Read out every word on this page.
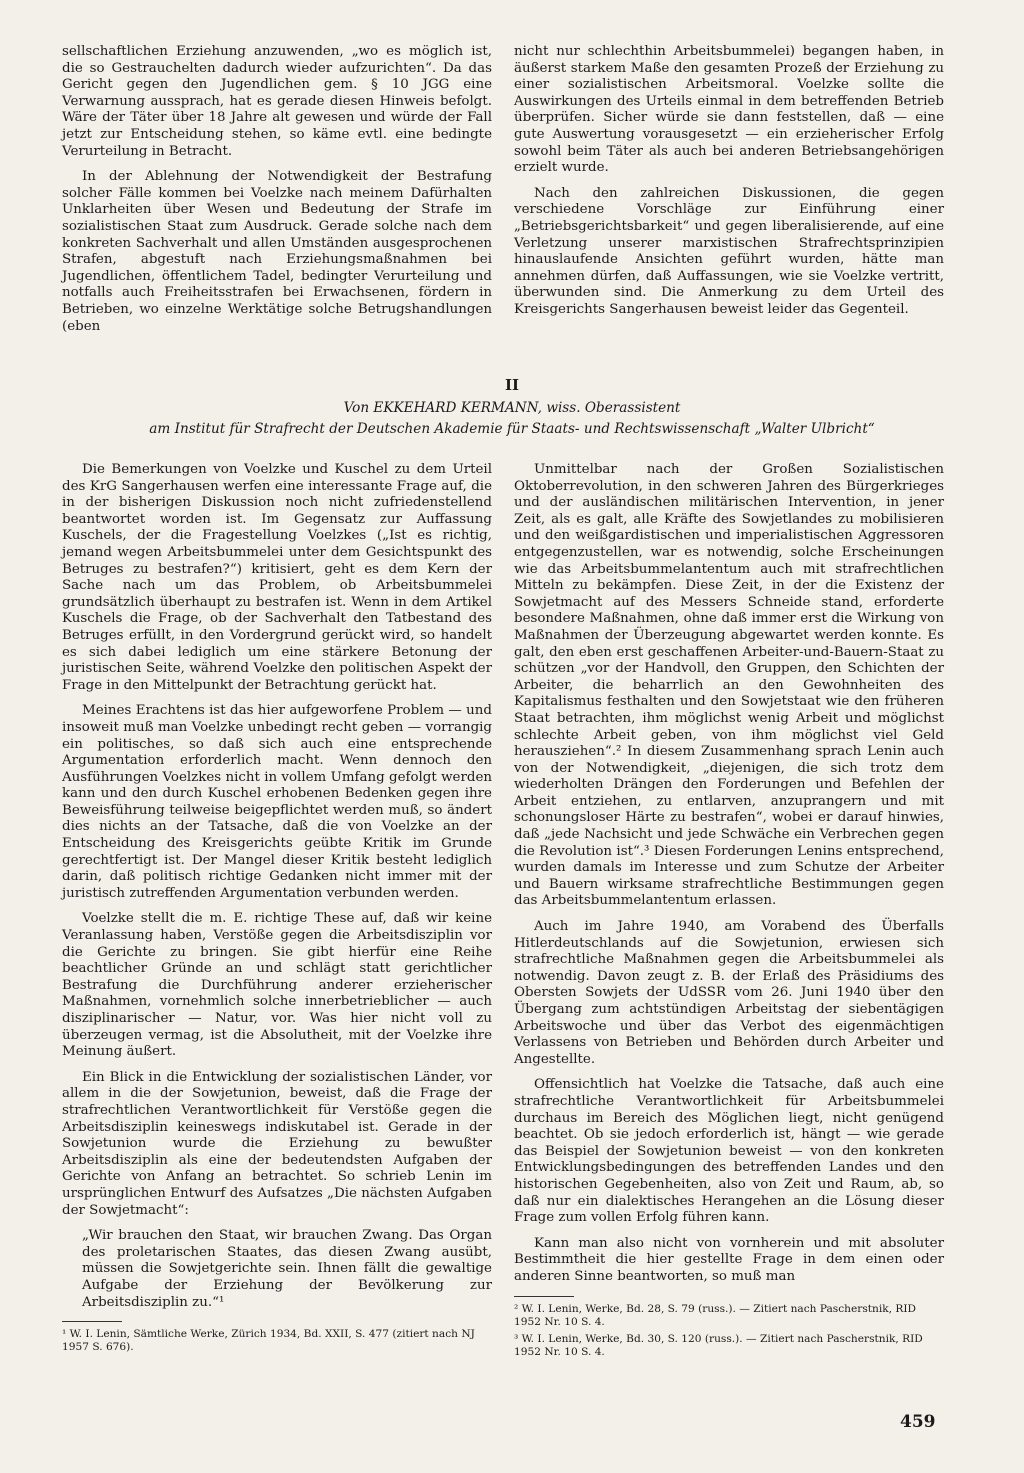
sellschaftlichen Erziehung anzuwenden, „wo es möglich ist, die so Gestrauchelten dadurch wieder aufzurichten“. Da das Gericht gegen den Jugendlichen gem. § 10 JGG eine Verwarnung aussprach, hat es gerade diesen Hinweis befolgt. Wäre der Täter über 18 Jahre alt gewesen und würde der Fall jetzt zur Entscheidung stehen, so käme evtl. eine bedingte Verurteilung in Betracht.

In der Ablehnung der Notwendigkeit der Bestrafung solcher Fälle kommen bei Voelzke nach meinem Dafürhalten Unklarheiten über Wesen und Bedeutung der Strafe im sozialistischen Staat zum Ausdruck. Gerade solche nach dem konkreten Sachverhalt und allen Umständen ausgesprochenen Strafen, abgestuft nach Erziehungsmaßnahmen bei Jugendlichen, öffentlichem Tadel, bedingter Verurteilung und notfalls auch Freiheitsstrafen bei Erwachsenen, fördern in Betrieben, wo einzelne Werktätige solche Betrugshandlungen (eben

nicht nur schlechthin Arbeitsbummelei) begangen haben, in äußerst starkem Maße den gesamten Prozeß der Erziehung zu einer sozialistischen Arbeitsmoral. Voelzke sollte die Auswirkungen des Urteils einmal in dem betreffenden Betrieb überprüfen. Sicher würde sie dann feststellen, daß — eine gute Auswertung vorausgesetzt — ein erzieherischer Erfolg sowohl beim Täter als auch bei anderen Betriebsangehörigen erzielt wurde.

Nach den zahlreichen Diskussionen, die gegen verschiedene Vorschläge zur Einführung einer „Betriebsgerichtsbarkeit“ und gegen liberalisierende, auf eine Verletzung unserer marxistischen Strafrechtsprinzipien hinauslaufende Ansichten geführt wurden, hätte man annehmen dürfen, daß Auffassungen, wie sie Voelzke vertritt, überwunden sind. Die Anmerkung zu dem Urteil des Kreisgerichts Sangerhausen beweist leider das Gegenteil.

II
Von EKKEHARD KERMANN, wiss. Oberassistent
am Institut für Strafrecht der Deutschen Akademie für Staats- und Rechtswissenschaft „Walter Ulbricht“

Die Bemerkungen von Voelzke und Kuschel zu dem Urteil des KrG Sangerhausen werfen eine interessante Frage auf, die in der bisherigen Diskussion noch nicht zufriedenstellend beantwortet worden ist. Im Gegensatz zur Auffassung Kuschels, der die Fragestellung Voelzkes („Ist es richtig, jemand wegen Arbeitsbummelei unter dem Gesichtspunkt des Betruges zu bestrafen?“) kritisiert, geht es dem Kern der Sache nach um das Problem, ob Arbeitsbummelei grundsätzlich überhaupt zu bestrafen ist. Wenn in dem Artikel Kuschels die Frage, ob der Sachverhalt den Tatbestand des Betruges erfüllt, in den Vordergrund gerückt wird, so handelt es sich dabei lediglich um eine stärkere Betonung der juristischen Seite, während Voelzke den politischen Aspekt der Frage in den Mittelpunkt der Betrachtung gerückt hat.

Meines Erachtens ist das hier aufgeworfene Problem — und insoweit muß man Voelzke unbedingt recht geben — vorrangig ein politisches, so daß sich auch eine entsprechende Argumentation erforderlich macht. Wenn dennoch den Ausführungen Voelzkes nicht in vollem Umfang gefolgt werden kann und den durch Kuschel erhobenen Bedenken gegen ihre Beweisführung teilweise beigepflichtet werden muß, so ändert dies nichts an der Tatsache, daß die von Voelzke an der Entscheidung des Kreisgerichts geübte Kritik im Grunde gerechtfertigt ist. Der Mangel dieser Kritik besteht lediglich darin, daß politisch richtige Gedanken nicht immer mit der juristisch zutreffenden Argumentation verbunden werden.

Voelzke stellt die m. E. richtige These auf, daß wir keine Veranlassung haben, Verstöße gegen die Arbeitsdisziplin vor die Gerichte zu bringen. Sie gibt hierfür eine Reihe beachtlicher Gründe an und schlägt statt gerichtlicher Bestrafung die Durchführung anderer erzieherischer Maßnahmen, vornehmlich solche innerbetrieblicher — auch disziplinarischer — Natur, vor. Was hier nicht voll zu überzeugen vermag, ist die Absolutheit, mit der Voelzke ihre Meinung äußert.

Ein Blick in die Entwicklung der sozialistischen Länder, vor allem in die der Sowjetunion, beweist, daß die Frage der strafrechtlichen Verantwortlichkeit für Verstöße gegen die Arbeitsdisziplin keineswegs indiskutabel ist. Gerade in der Sowjetunion wurde die Erziehung zu bewußter Arbeitsdisziplin als eine der bedeutendsten Aufgaben der Gerichte von Anfang an betrachtet. So schrieb Lenin im ursprünglichen Entwurf des Aufsatzes „Die nächsten Aufgaben der Sowjetmacht“:

„Wir brauchen den Staat, wir brauchen Zwang. Das Organ des proletarischen Staates, das diesen Zwang ausübt, müssen die Sowjetgerichte sein. Ihnen fällt die gewaltige Aufgabe der Erziehung der Bevölkerung zur Arbeitsdisziplin zu.“¹

¹ W. I. Lenin, Sämtliche Werke, Zürich 1934, Bd. XXII, S. 477 (zitiert nach NJ 1957 S. 676).

Unmittelbar nach der Großen Sozialistischen Oktoberrevolution, in den schweren Jahren des Bürgerkrieges und der ausländischen militärischen Intervention, in jener Zeit, als es galt, alle Kräfte des Sowjetlandes zu mobilisieren und den weißgardistischen und imperialistischen Aggressoren entgegenzustellen, war es notwendig, solche Erscheinungen wie das Arbeitsbummelantentum auch mit strafrechtlichen Mitteln zu bekämpfen. Diese Zeit, in der die Existenz der Sowjetmacht auf des Messers Schneide stand, erforderte besondere Maßnahmen, ohne daß immer erst die Wirkung von Maßnahmen der Überzeugung abgewartet werden konnte. Es galt, den eben erst geschaffenen Arbeiter-und-Bauern-Staat zu schützen „vor der Handvoll, den Gruppen, den Schichten der Arbeiter, die beharrlich an den Gewohnheiten des Kapitalismus festhalten und den Sowjetstaat wie den früheren Staat betrachten, ihm möglichst wenig Arbeit und möglichst schlechte Arbeit geben, von ihm möglichst viel Geld herausziehen“.² In diesem Zusammenhang sprach Lenin auch von der Notwendigkeit, „diejenigen, die sich trotz dem wiederholten Drängen den Forderungen und Befehlen der Arbeit entziehen, zu entlarven, anzuprangern und mit schonungsloser Härte zu bestrafen“, wobei er darauf hinwies, daß „jede Nachsicht und jede Schwäche ein Verbrechen gegen die Revolution ist“.³ Diesen Forderungen Lenins entsprechend, wurden damals im Interesse und zum Schutze der Arbeiter und Bauern wirksame strafrechtliche Bestimmungen gegen das Arbeitsbummelantentum erlassen.

Auch im Jahre 1940, am Vorabend des Überfalls Hitlerdeutschlands auf die Sowjetunion, erwiesen sich strafrechtliche Maßnahmen gegen die Arbeitsbummelei als notwendig. Davon zeugt z. B. der Erlaß des Präsidiums des Obersten Sowjets der UdSSR vom 26. Juni 1940 über den Übergang zum achtstündigen Arbeitstag der siebentägigen Arbeitswoche und über das Verbot des eigenmächtigen Verlassens von Betrieben und Behörden durch Arbeiter und Angestellte.

Offensichtlich hat Voelzke die Tatsache, daß auch eine strafrechtliche Verantwortlichkeit für Arbeitsbummelei durchaus im Bereich des Möglichen liegt, nicht genügend beachtet. Ob sie jedoch erforderlich ist, hängt — wie gerade das Beispiel der Sowjetunion beweist — von den konkreten Entwicklungsbedingungen des betreffenden Landes und den historischen Gegebenheiten, also von Zeit und Raum, ab, so daß nur ein dialektisches Herangehen an die Lösung dieser Frage zum vollen Erfolg führen kann.

Kann man also nicht von vornherein und mit absoluter Bestimmtheit die hier gestellte Frage in dem einen oder anderen Sinne beantworten, so muß man

² W. I. Lenin, Werke, Bd. 28, S. 79 (russ.). — Zitiert nach Pascherstnik, RID 1952 Nr. 10 S. 4.

³ W. I. Lenin, Werke, Bd. 30, S. 120 (russ.). — Zitiert nach Pascherstnik, RID 1952 Nr. 10 S. 4.

459
